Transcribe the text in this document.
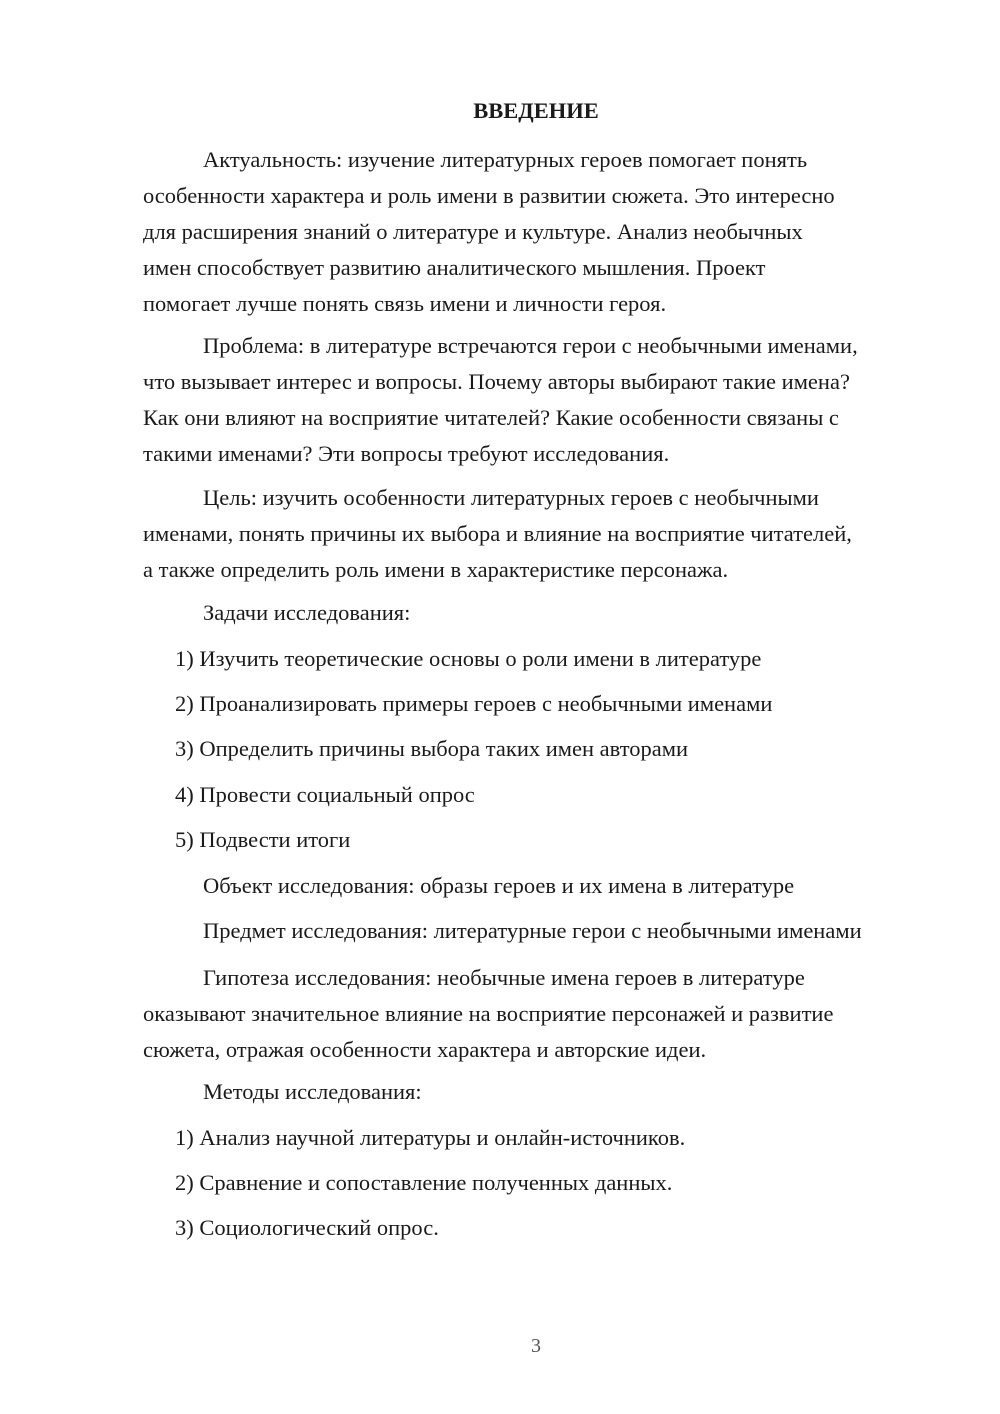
ВВЕДЕНИЕ
Актуальность: изучение литературных героев помогает понять
особенности характера и роль имени в развитии сюжета. Это интересно
для расширения знаний о литературе и культуре. Анализ необычных
имен способствует развитию аналитического мышления. Проект
помогает лучше понять связь имени и личности героя.
Проблема: в литературе встречаются герои с необычными именами,
что вызывает интерес и вопросы. Почему авторы выбирают такие имена?
Как они влияют на восприятие читателей? Какие особенности связаны с
такими именами? Эти вопросы требуют исследования.
Цель: изучить особенности литературных героев с необычными
именами, понять причины их выбора и влияние на восприятие читателей,
а также определить роль имени в характеристике персонажа.
Задачи исследования:
1) Изучить теоретические основы о роли имени в литературе
2) Проанализировать примеры героев с необычными именами
3) Определить причины выбора таких имен авторами
4) Провести социальный опрос
5) Подвести итоги
Объект исследования: образы героев и их имена в литературе
Предмет исследования: литературные герои с необычными именами
Гипотеза исследования: необычные имена героев в литературе
оказывают значительное влияние на восприятие персонажей и развитие
сюжета, отражая особенности характера и авторские идеи.
Методы исследования:
1) Анализ научной литературы и онлайн-источников.
2) Сравнение и сопоставление полученных данных.
3) Социологический опрос.
3
